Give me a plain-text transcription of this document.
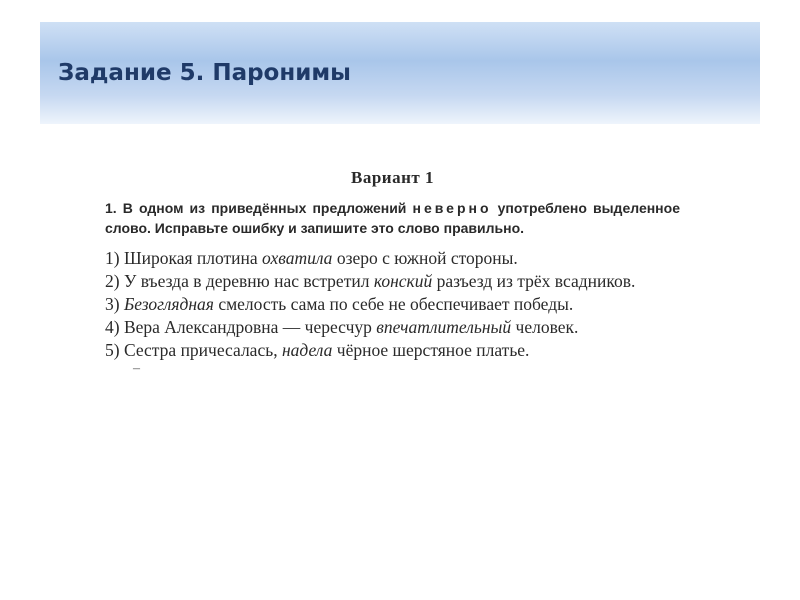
Задание 5. Паронимы
Вариант 1

1. В одном из приведённых предложений неверно употреблено выделенное слово. Исправьте ошибку и запишите это слово правильно.

1) Широкая плотина охватила озеро с южной стороны.

2) У въезда в деревню нас встретил конский разъезд из трёх всадников.

3) Безоглядная смелость сама по себе не обеспечивает победы.

4) Вера Александровна — чересчур впечатлительный человек.

5) Сестра причесалась, надела чёрное шерстяное платье.

–
